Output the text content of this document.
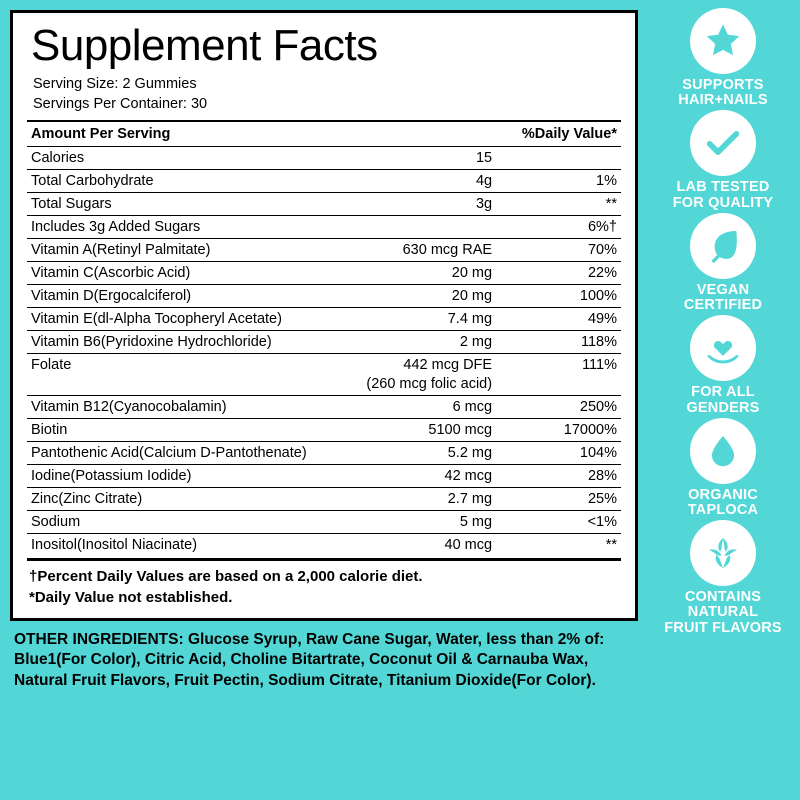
Supplement Facts
Serving Size: 2 Gummies
Servings Per Container: 30
Amount Per Serving		%Daily Value*
Calories	15	
Total Carbohydrate	4g	1%
Total Sugars	3g	**
Includes 3g Added Sugars		6%†
Vitamin A(Retinyl Palmitate)	630 mcg RAE	70%
Vitamin C(Ascorbic Acid)	20 mg	22%
Vitamin D(Ergocalciferol)	20 mg	100%
Vitamin E(dl-Alpha Tocopheryl Acetate)	7.4 mg	49%
Vitamin B6(Pyridoxine Hydrochloride)	2 mg	118%
Folate	442 mcg DFE	111%
	(260 mcg folic acid)	
Vitamin B12(Cyanocobalamin)	6 mcg	250%
Biotin	5100 mcg	17000%
Pantothenic Acid(Calcium D-Pantothenate)	5.2 mg	104%
Iodine(Potassium Iodide)	42 mcg	28%
Zinc(Zinc Citrate)	2.7 mg	25%
Sodium	5 mg	<1%
Inositol(Inositol Niacinate)	40 mcg	**
†Percent Daily Values are based on a 2,000 calorie diet.
*Daily Value not established.
OTHER INGREDIENTS: Glucose Syrup, Raw Cane Sugar, Water, less than 2% of: Blue1(For Color), Citric Acid, Choline Bitartrate, Coconut Oil & Carnauba Wax, Natural Fruit Flavors, Fruit Pectin, Sodium Citrate, Titanium Dioxide(For Color).
SUPPORTS
HAIR+NAILS
LAB TESTED
FOR QUALITY
VEGAN
CERTIFIED
FOR ALL
GENDERS
ORGANIC
TAPLOCA
CONTAINS
NATURAL
FRUIT FLAVORS
